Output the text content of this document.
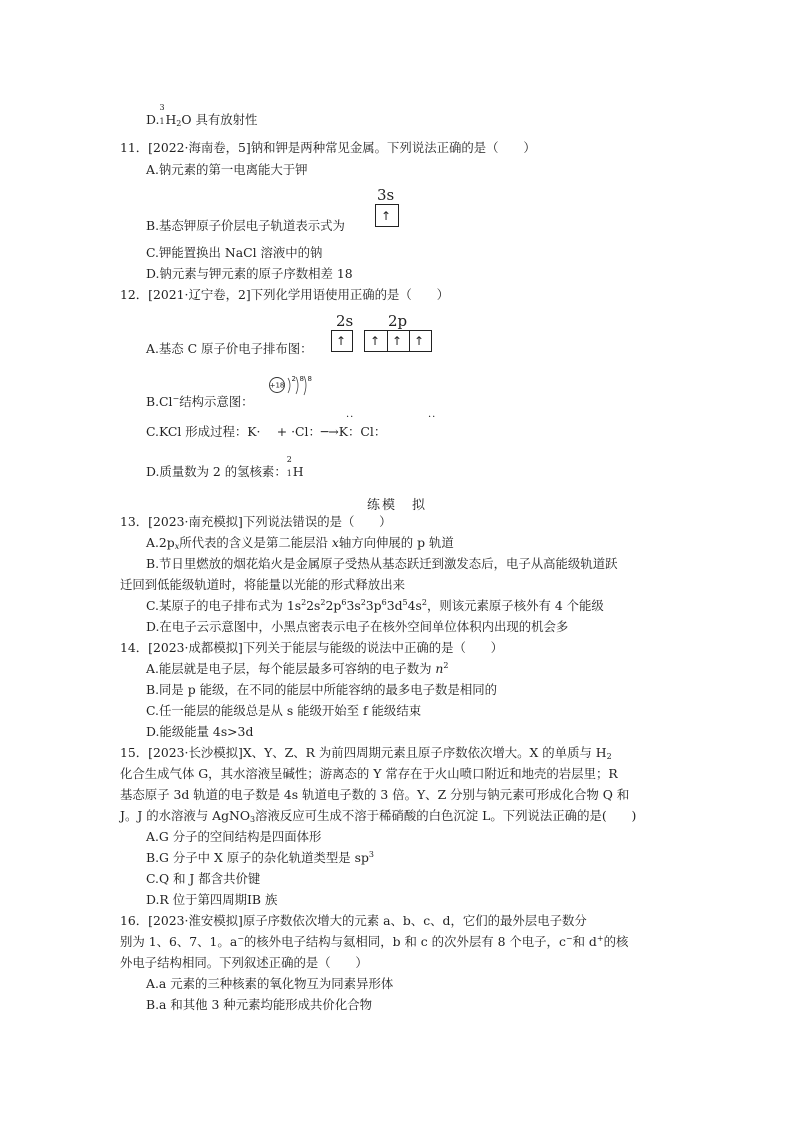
D.
3
1 $H_2O$ 具有放射性
11．[2022·海南卷，5]钠和钾是两种常见金属。下列说法正确的是（　　）
A.钠元素的第一电离能大于钾
3s
↑
B.基态钾原子价层电子轨道表示式为
C.钾能置换出 NaCl 溶液中的钠
D.钠元素与钾元素的原子序数相差 18
12．[2021·辽宁卷，2]下列化学用语使用正确的是（　　）
2s 2p
↑ ↑ ↑ ↑
A.基态 C 原子价电子排布图：
+18
2 8 8
B.Cl−结构示意图：
··	··
C.KCl 形成过程：K·　 + ·Cl：─→K：Cl：
D.质量数为 2 的氢核素：
2
1 H
练模　拟
13．[2023·南充模拟]下列说法错误的是（　　）
$A.2p_x$所代表的含义是第二能层沿 x轴方向伸展的 p 轨道
B.节日里燃放的烟花焰火是金属原子受热从基态跃迁到激发态后，电子从高能级轨道跃
迁回到低能级轨道时，将能量以光能的形式释放出来
C.某原子的电子排布式为 $1s^22s^22p^63s^23p^63d^54s^2$，则该元素原子核外有 4 个能级
D.在电子云示意图中，小黑点密表示电子在核外空间单位体积内出现的机会多
14．[2023·成都模拟]下列关于能层与能级的说法中正确的是（　　）
A.能层就是电子层，每个能层最多可容纳的电子数为 $n^2$
B.同是 p 能级，在不同的能层中所能容纳的最多电子数是相同的
C.任一能层的能级总是从 s 能级开始至 f 能级结束
D.能级能量 4s>3d
15．[2023·长沙模拟]X、Y、Z、R 为前四周期元素且原子序数依次增大。X 的单质与 $H_2$
化合生成气体 G，其水溶液呈碱性；游离态的 Y 常存在于火山喷口附近和地壳的岩层里；R
基态原子 3d 轨道的电子数是 4s 轨道电子数的 3 倍。Y、Z 分别与钠元素可形成化合物 Q 和
J。J 的水溶液与 AgNO$_3$溶液反应可生成不溶于稀硝酸的白色沉淀 L。下列说法正确的是(　　)
A.G 分子的空间结构是四面体形
B.G 分子中 X 原子的杂化轨道类型是 $sp^3$
C.Q 和 J 都含共价键
D.R 位于第四周期ⅠB 族
16．[2023·淮安模拟]原子序数依次增大的元素 a、b、c、d，它们的最外层电子数分
别为 1、6、7、1。a−的核外电子结构与氦相同，b 和 c 的次外层有 8 个电子，c−和 d+的核
外电子结构相同。下列叙述正确的是（　　）
A.a 元素的三种核素的氧化物互为同素异形体
B.a 和其他 3 种元素均能形成共价化合物
